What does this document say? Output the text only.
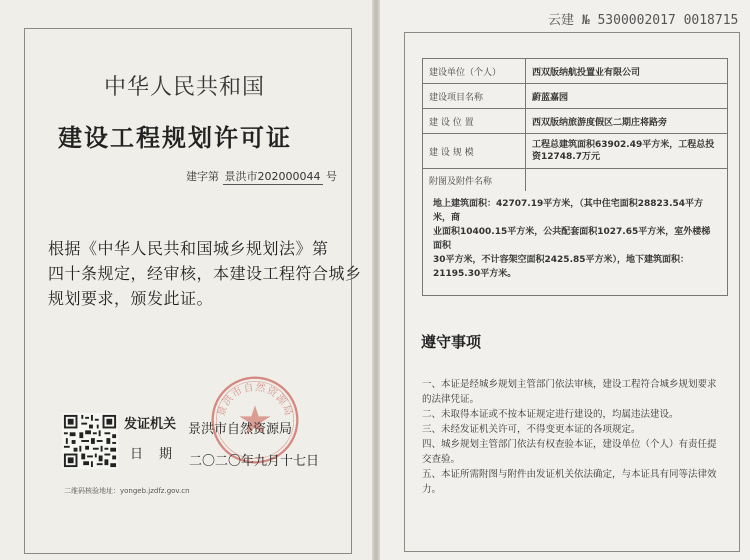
中华人民共和国
建设工程规划许可证
建字第 景洪市202000044 号
根据《中华人民共和国城乡规划法》第
四十条规定，经审核，本建设工程符合城乡
规划要求，颁发此证。
二维码核验地址：yongeb.jzdfz.gov.cn
景洪市自然资源局
发证机关 景洪市自然资源局
日期 二〇二〇年九月十七日
云建 № 5300002017 0018715
建设单位（个人）	西双版纳航投置业有限公司
建设项目名称	蔚蓝嘉园
建 设 位 置	西双版纳旅游度假区二期庄将路旁
建 设 规 模	工程总建筑面积63902.49平方米，工程总投资12748.7万元
附图及附件名称	

地上建筑面积：42707.19平方米，（其中住宅面积28823.54平方米，商
业面积10400.15平方米，公共配套面积1027.65平方米，室外楼梯面积
30平方米，不计容架空面积2425.85平方米），地下建筑面积：
21195.30平方米。	
遵守事项
一、本证是经城乡规划主管部门依法审核，建设工程符合城乡规划要求
的法律凭证。
二、未取得本证或不按本证规定进行建设的，均属违法建设。
三、未经发证机关许可，不得变更本证的各项规定。
四、城乡规划主管部门依法有权查验本证，建设单位（个人）有责任提
交查验。
五、本证所需附图与附件由发证机关依法确定，与本证具有同等法律效
力。
